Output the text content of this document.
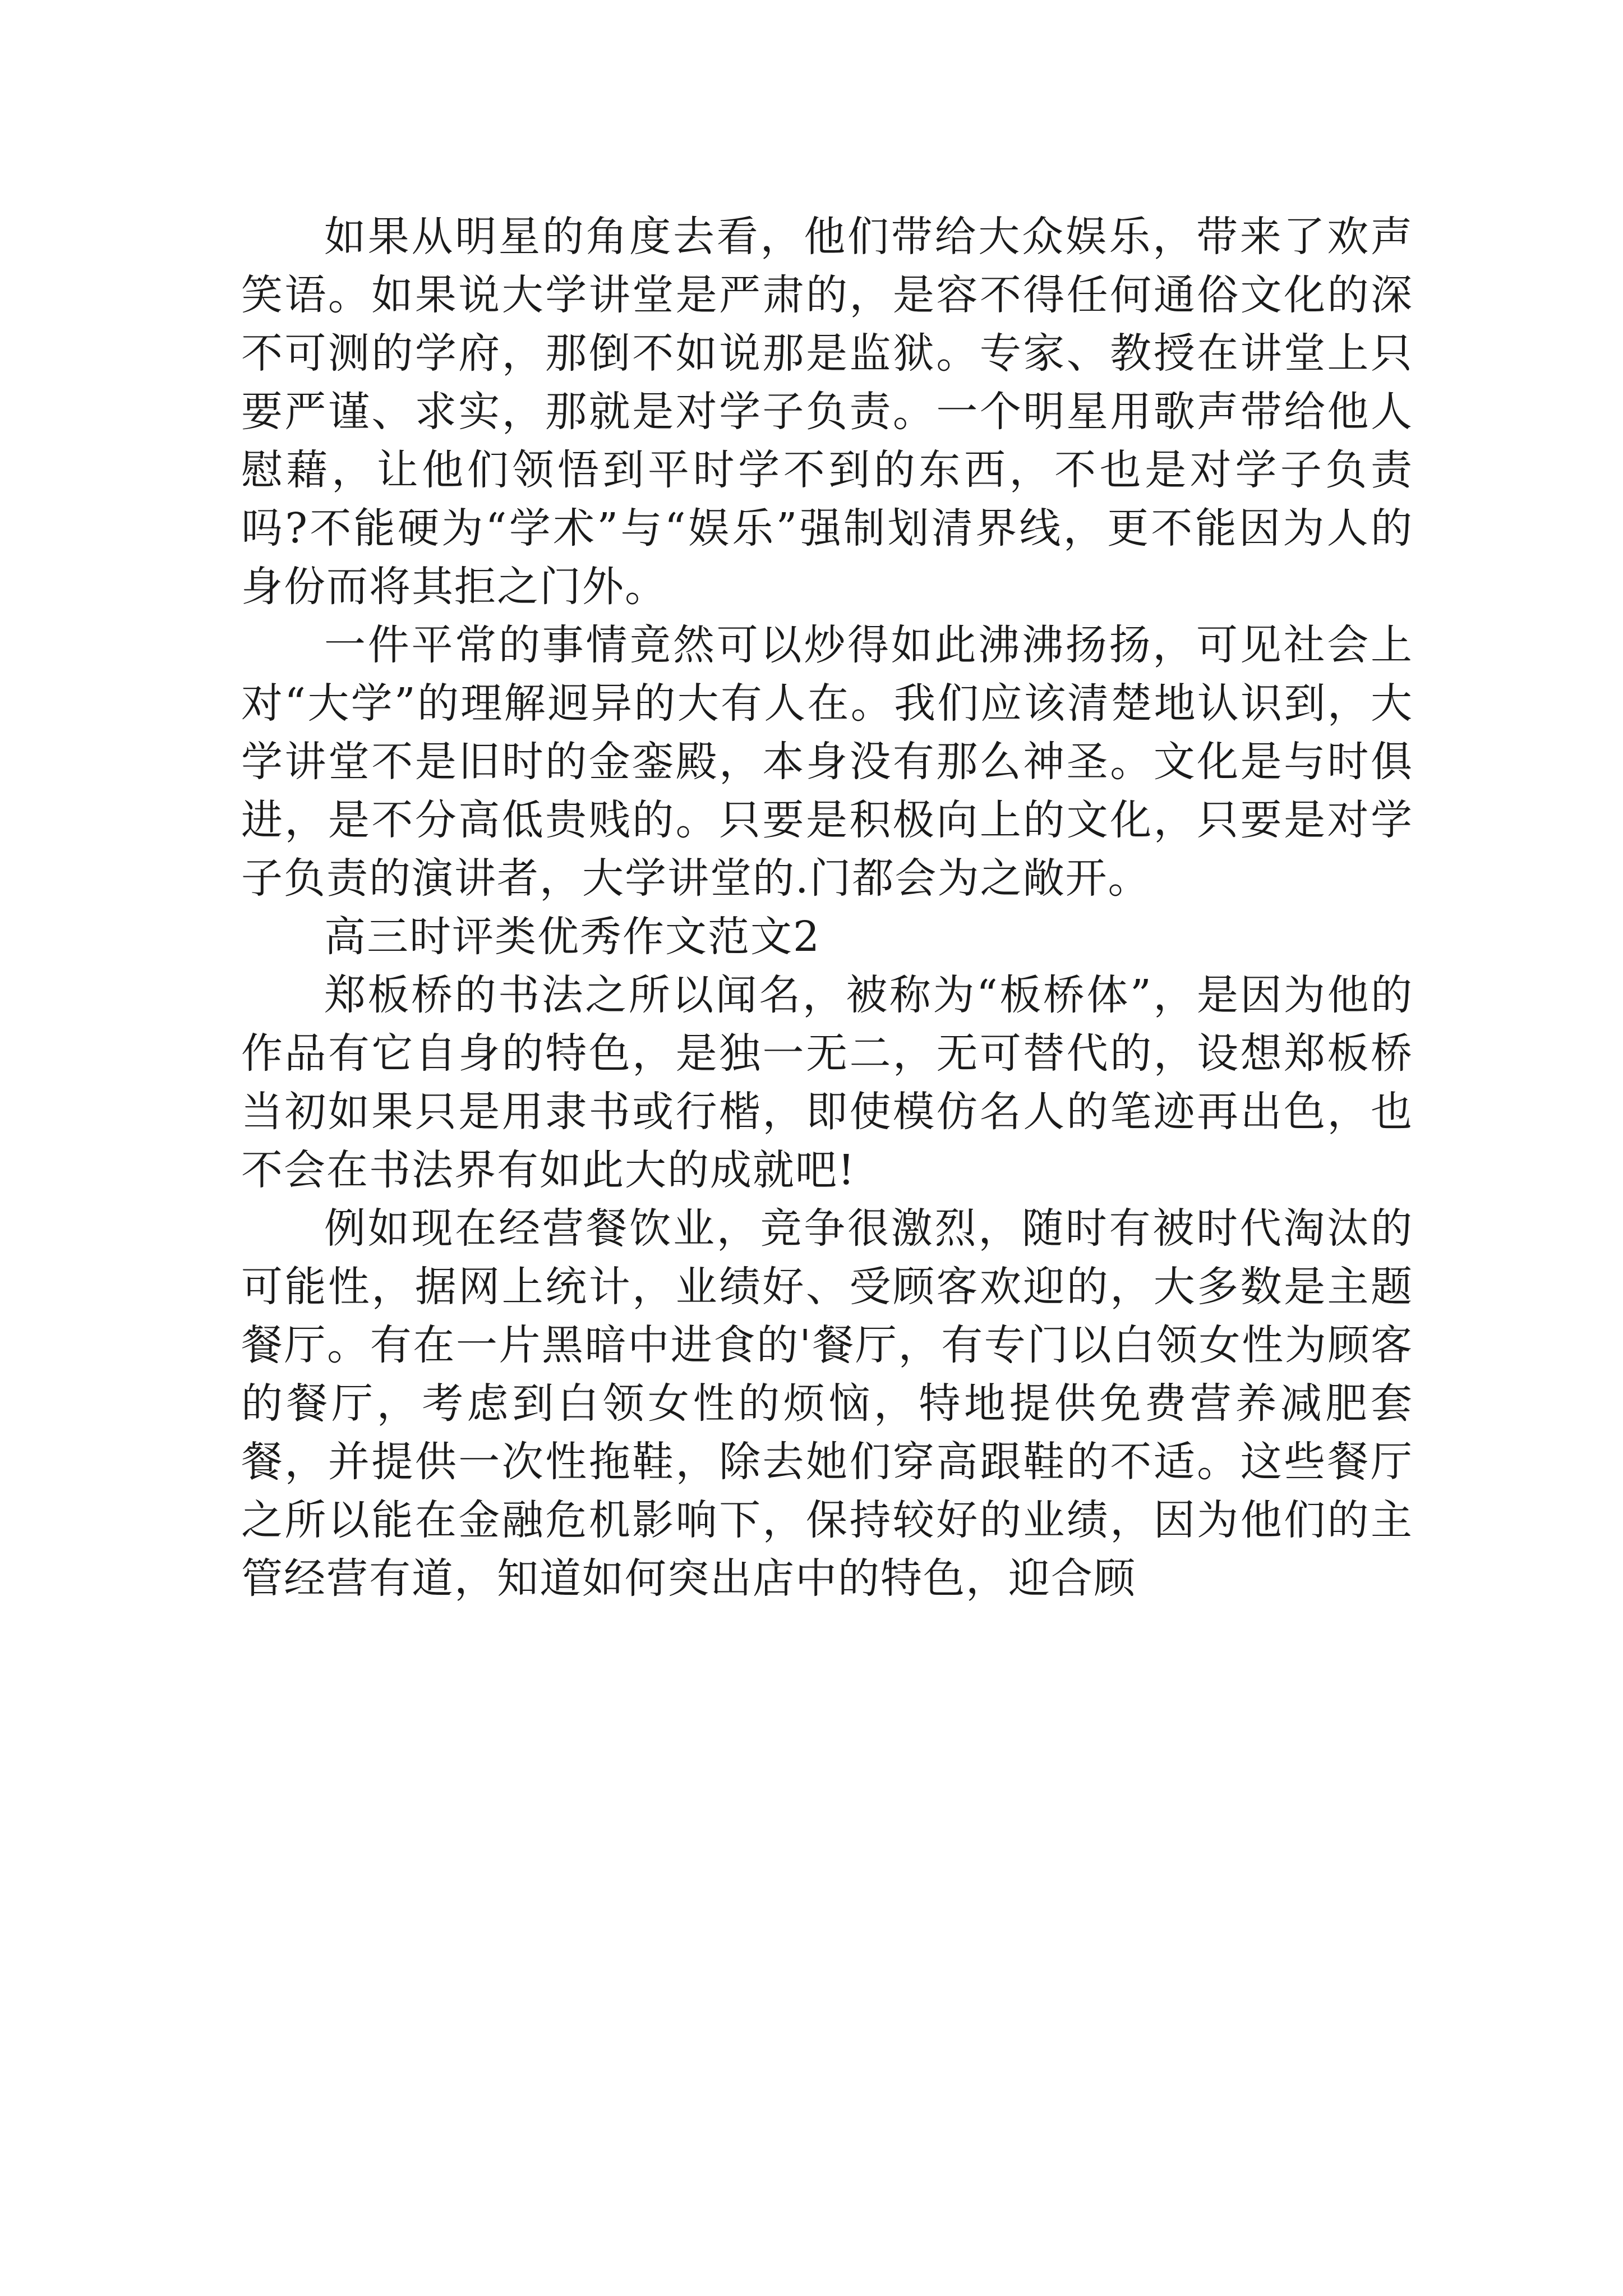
如果从明星的角度去看，他们带给大众娱乐，带来了欢声笑语。如果说大学讲堂是严肃的，是容不得任何通俗文化的深不可测的学府，那倒不如说那是监狱。专家、教授在讲堂上只要严谨、求实，那就是对学子负责。一个明星用歌声带给他人慰藉，让他们领悟到平时学不到的东西，不也是对学子负责吗?不能硬为“学术”与“娱乐”强制划清界线，更不能因为人的身份而将其拒之门外。

一件平常的事情竟然可以炒得如此沸沸扬扬，可见社会上对“大学”的理解迥异的大有人在。我们应该清楚地认识到，大学讲堂不是旧时的金銮殿，本身没有那么神圣。文化是与时俱进，是不分高低贵贱的。只要是积极向上的文化，只要是对学子负责的演讲者，大学讲堂的.门都会为之敞开。

高三时评类优秀作文范文2

郑板桥的书法之所以闻名，被称为“板桥体”，是因为他的作品有它自身的特色，是独一无二，无可替代的，设想郑板桥当初如果只是用隶书或行楷，即使模仿名人的笔迹再出色，也不会在书法界有如此大的成就吧!

例如现在经营餐饮业，竞争很激烈，随时有被时代淘汰的可能性，据网上统计，业绩好、受顾客欢迎的，大多数是主题餐厅。有在一片黑暗中进食的'餐厅，有专门以白领女性为顾客的餐厅，考虑到白领女性的烦恼，特地提供免费营养减肥套餐，并提供一次性拖鞋，除去她们穿高跟鞋的不适。这些餐厅之所以能在金融危机影响下，保持较好的业绩，因为他们的主管经营有道，知道如何突出店中的特色，迎合顾
